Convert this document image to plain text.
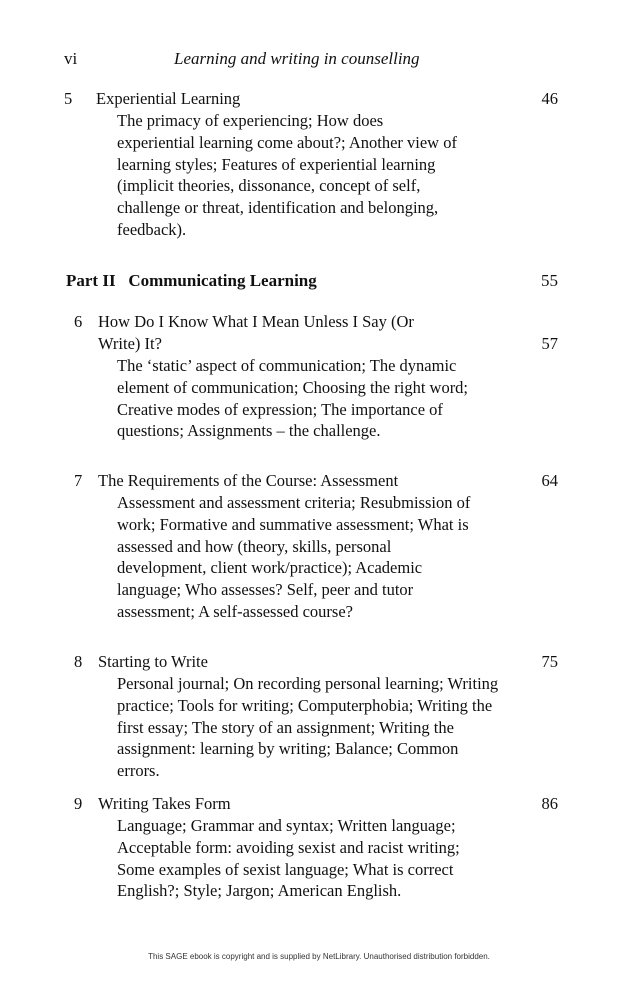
vi	Learning and writing in counselling
5 Experiential Learning	46
The primacy of experiencing; How does experiential learning come about?; Another view of learning styles; Features of experiential learning (implicit theories, dissonance, concept of self, challenge or threat, identification and belonging, feedback).
Part II Communicating Learning	55
6 How Do I Know What I Mean Unless I Say (Or
Write) It?	57
The ‘static’ aspect of communication; The dynamic element of communication; Choosing the right word; Creative modes of expression; The importance of questions; Assignments – the challenge.
7 The Requirements of the Course: Assessment	64
Assessment and assessment criteria; Resubmission of work; Formative and summative assessment; What is assessed and how (theory, skills, personal development, client work/practice); Academic language; Who assesses? Self, peer and tutor assessment; A self-assessed course?
8 Starting to Write	75
Personal journal; On recording personal learning; Writing practice; Tools for writing; Computerphobia; Writing the first essay; The story of an assignment; Writing the assignment: learning by writing; Balance; Common errors.
9 Writing Takes Form	86
Language; Grammar and syntax; Written language; Acceptable form: avoiding sexist and racist writing; Some examples of sexist language; What is correct English?; Style; Jargon; American English.
This SAGE ebook is copyright and is supplied by NetLibrary. Unauthorised distribution forbidden.
